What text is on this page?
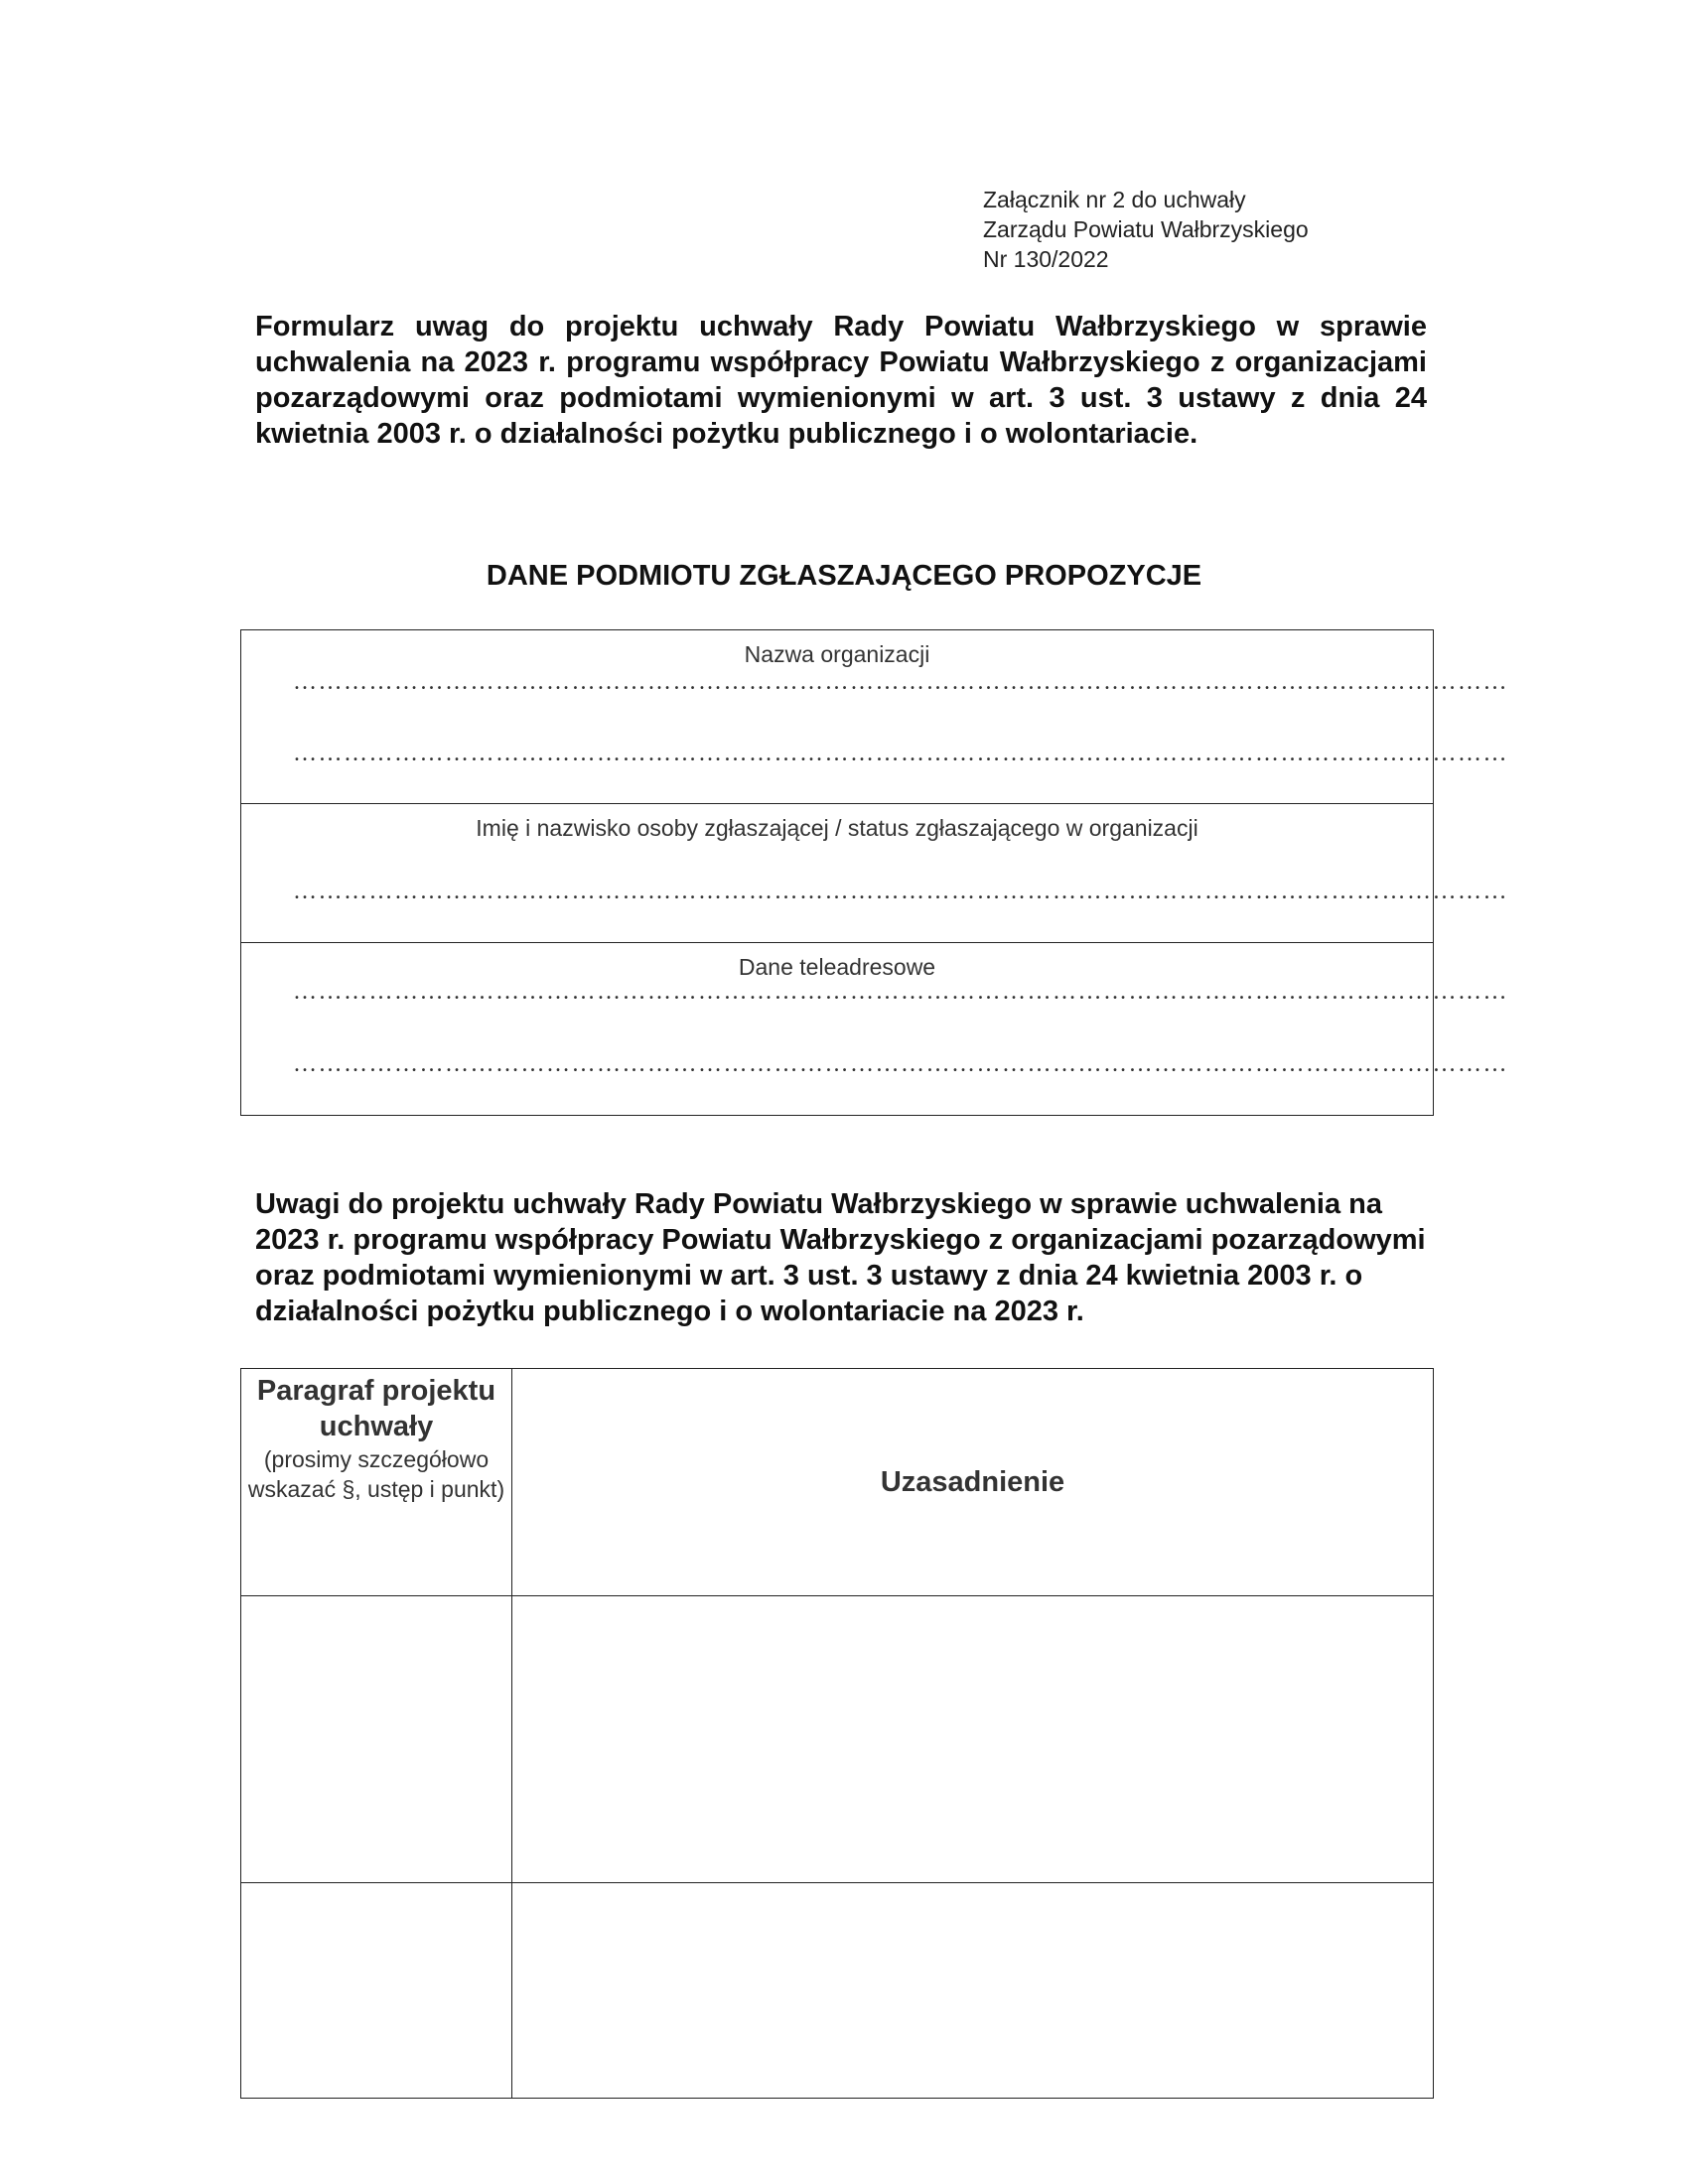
Załącznik nr 2 do uchwały
Zarządu Powiatu Wałbrzyskiego
Nr 130/2022
Formularz uwag do projektu uchwały Rady Powiatu Wałbrzyskiego w sprawie uchwalenia na 2023 r. programu współpracy Powiatu Wałbrzyskiego z organizacjami pozarządowymi oraz podmiotami wymienionymi w art. 3 ust. 3 ustawy z dnia 24 kwietnia 2003 r. o działalności pożytku publicznego i o wolontariacie.
DANE PODMIOTU ZGŁASZAJĄCEGO PROPOZYCJE
Nazwa organizacji
………………………………………………………………………………………………………………………………
………………………………………………………………………………………………………………………………
Imię i nazwisko osoby zgłaszającej / status zgłaszającego w organizacji
………………………………………………………………………………………………………………………………
Dane teleadresowe
………………………………………………………………………………………………………………………………
………………………………………………………………………………………………………………………………
Uwagi do projektu uchwały Rady Powiatu Wałbrzyskiego w sprawie uchwalenia na 2023 r. programu współpracy Powiatu Wałbrzyskiego z organizacjami pozarządowymi oraz podmiotami wymienionymi w art. 3 ust. 3 ustawy z dnia 24 kwietnia 2003 r. o działalności pożytku publicznego i o wolontariacie na 2023 r.
Paragraf projektu uchwały
(prosimy szczegółowo wskazać §, ustęp i punkt)	Uzasadnienie
